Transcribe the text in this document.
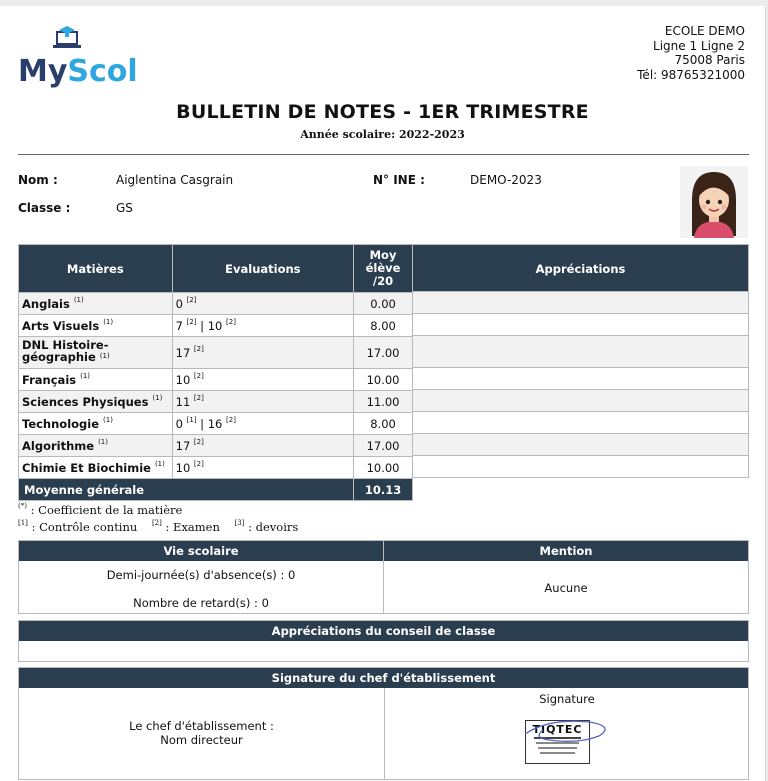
MyScol
ECOLE DEMO
Ligne 1 Ligne 2
75008 Paris
Tél: 98765321000
BULLETIN DE NOTES - 1ER TRIMESTRE
Année scolaire: 2022-2023
Nom :	Aiglentina Casgrain
Classe :	GS
N° INE :	DEMO-2023
Appréciations
Matières	Evaluations	Moy
élève
/20

Anglais $^{(1)}$	0 [2]	0.00
Arts Visuels $^{(1)}$	7 [2] | 10 [2]	8.00
DNL Histoire-géographie $^{(1)}$	17 [2]	17.00
Français $^{(1)}$	10 [2]	10.00
Sciences Physiques $^{(1)}$	11 [2]	11.00
Technologie $^{(1)}$	0 [1] | 16 [2]	8.00
Algorithme $^{(1)}$	17 [2]	17.00
Chimie Et Biochimie $^{(1)}$	10 [2]	10.00
Moyenne générale		10.13
(*) : Coefficient de la matière
[1] : Contrôle continu [2] : Examen [3] : devoirs
Vie scolaire
Demi-journée(s) d'absence(s) : 0
Nombre de retard(s) : 0
Mention
Aucune
Appréciations du conseil de classe
Signature du chef d'établissement
Le chef d'établissement :
Nom directeur
Signature
TIQTEC
